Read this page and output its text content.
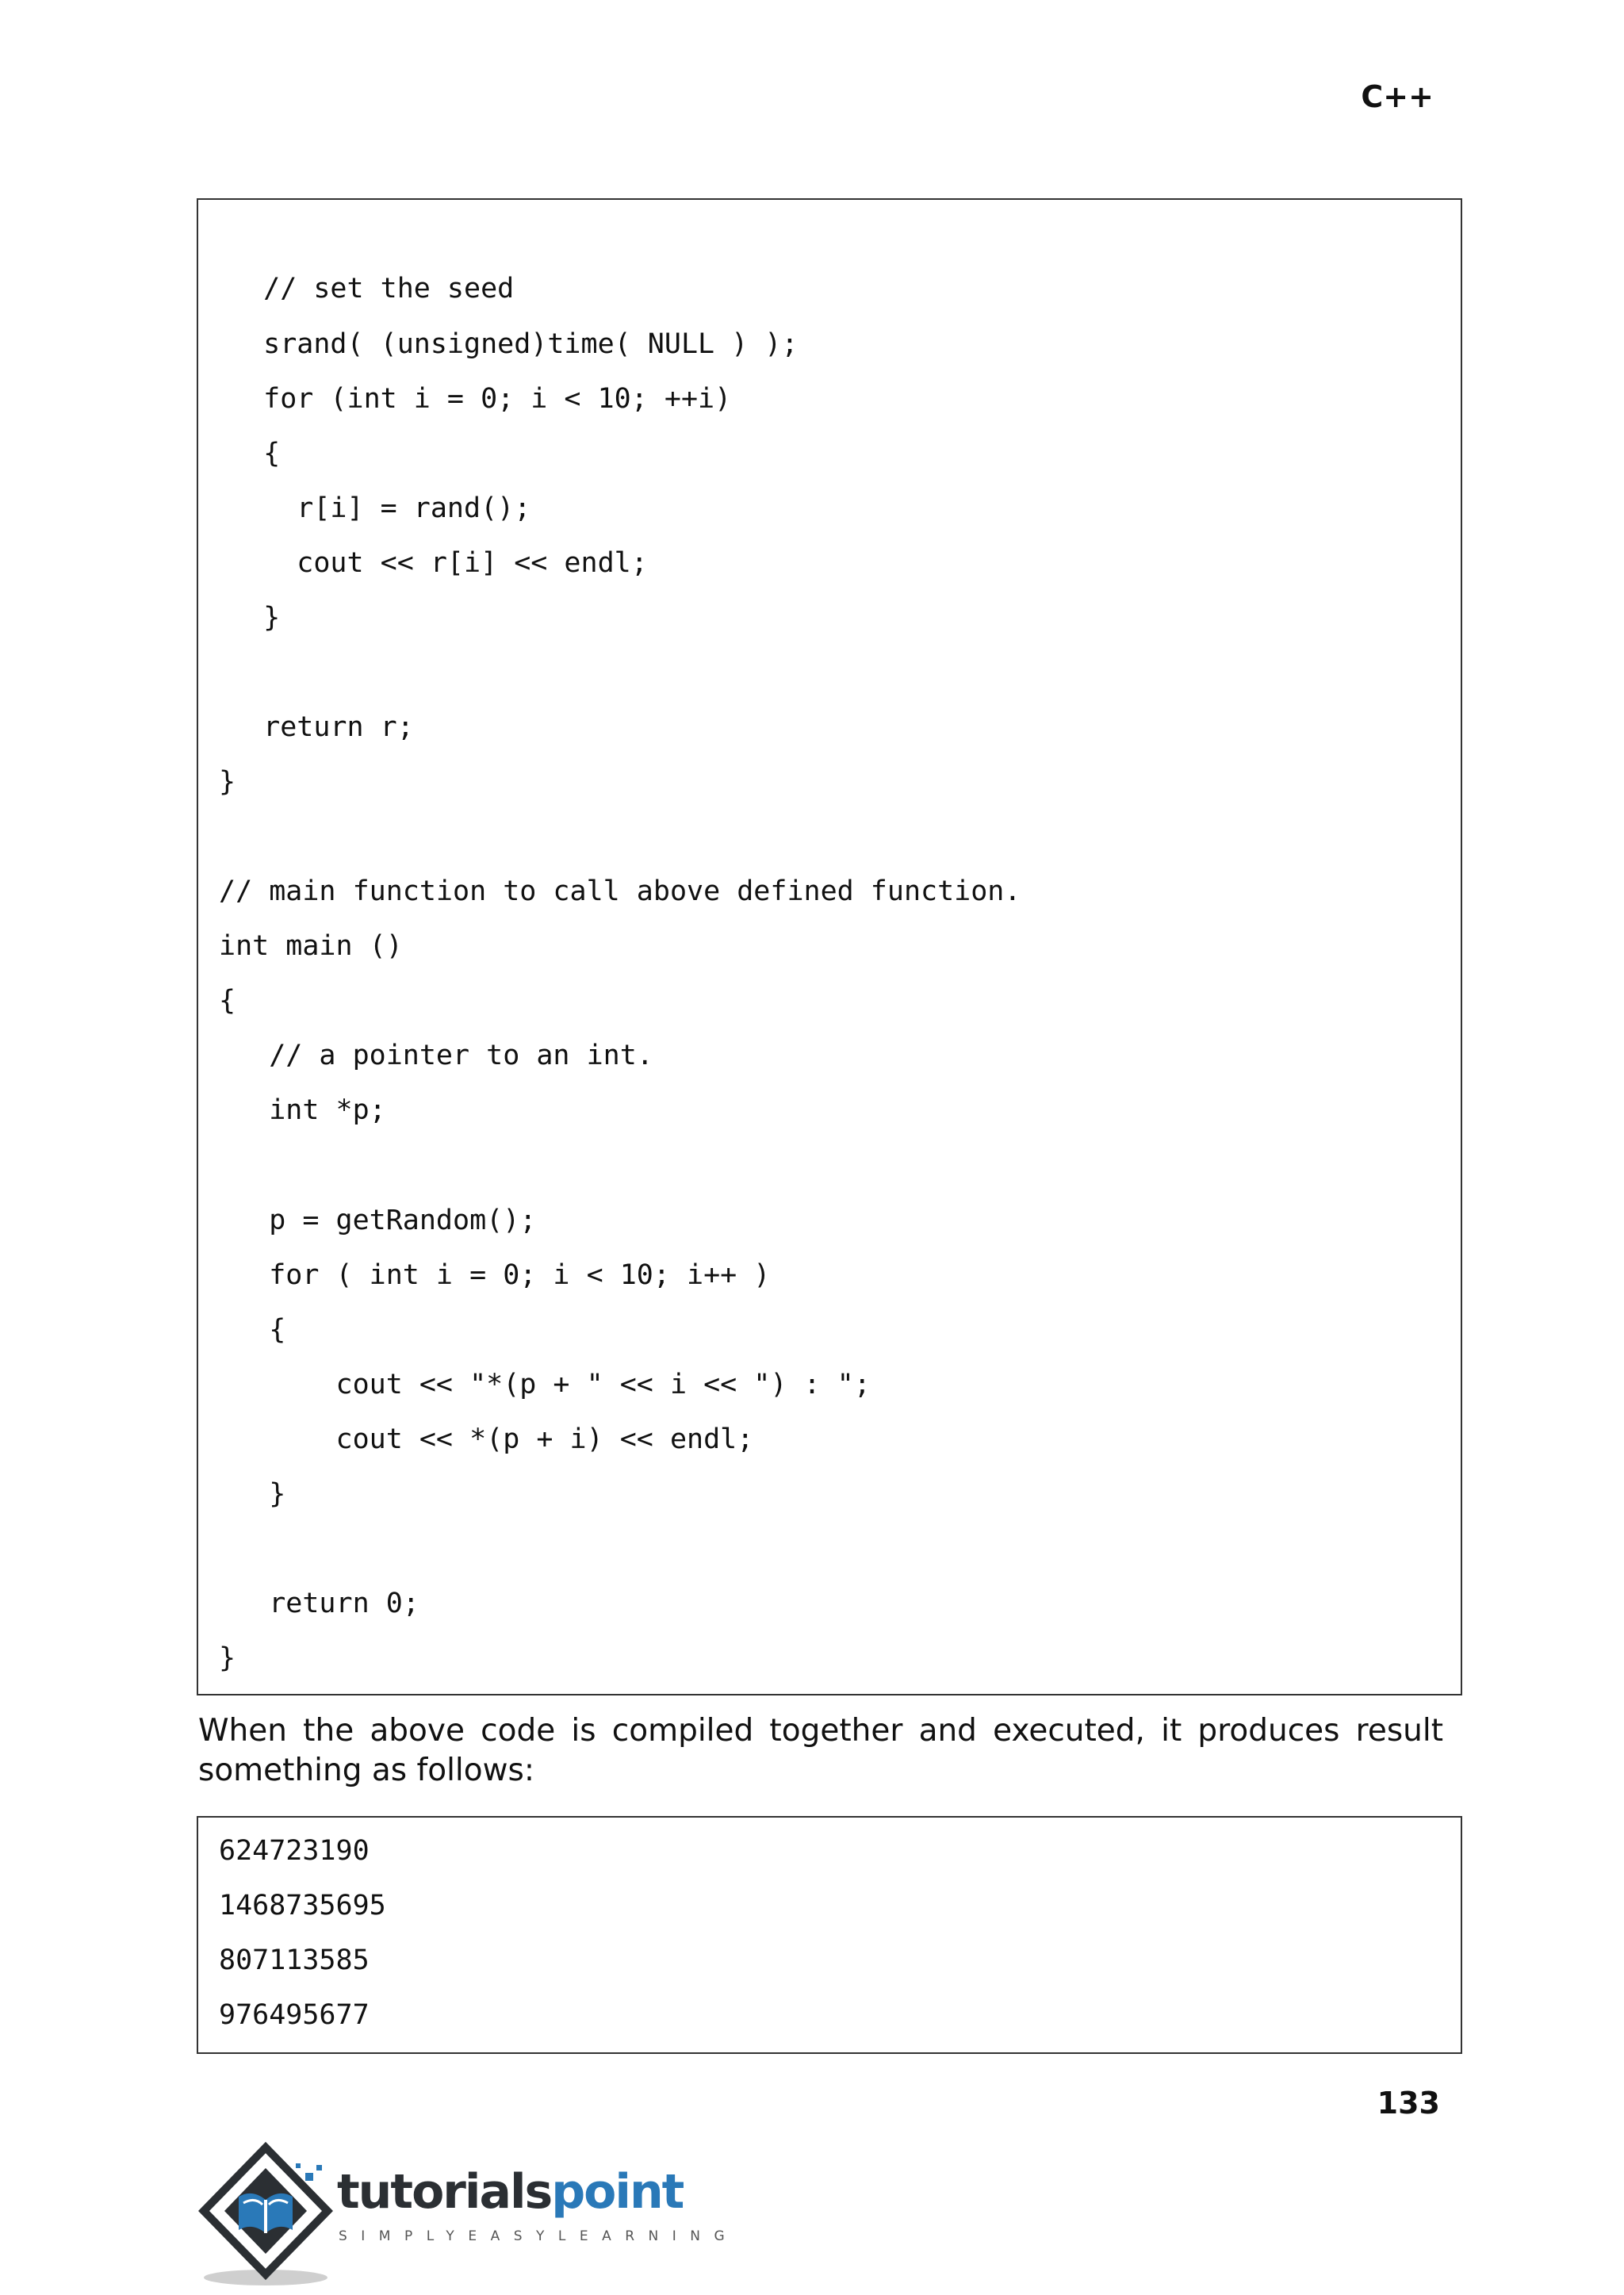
C++
// set the seed
srand( (unsigned)time( NULL ) );
for (int i = 0; i < 10; ++i)
{
r[i] = rand();
cout << r[i] << endl;
}
return r;
}
// main function to call above defined function.
int main ()
{
// a pointer to an int.
int *p;
p = getRandom();
for ( int i = 0; i < 10; i++ )
{
cout << "*(p + " << i << ") : ";
cout << *(p + i) << endl;
}
return 0;
}
When the above code is compiled together and executed, it produces result something as follows:
624723190
1468735695
807113585
976495677
133
tutorialspoint
SIMPLYEASYLEARNING
